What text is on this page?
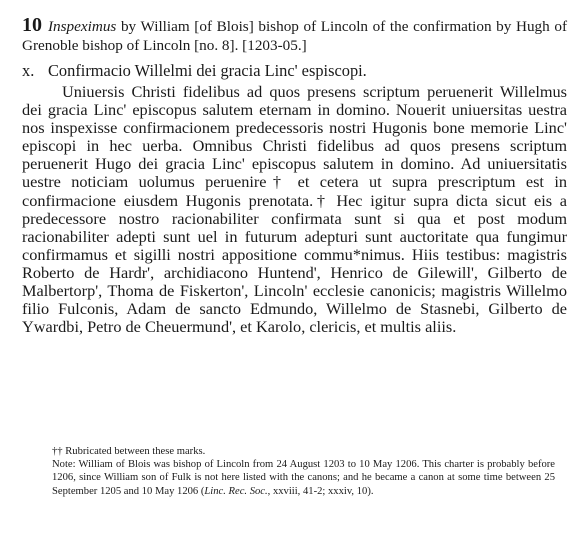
10 Inspeximus by William [of Blois] bishop of Lincoln of the confirmation by Hugh of Grenoble bishop of Lincoln [no. 8]. [1203-05.]

x. Confirmacio Willelmi dei gracia Linc' espiscopi.

Uniuersis Christi fidelibus ad quos presens scriptum peruenerit Willelmus dei gracia Linc' episcopus salutem eternam in domino. Nouerit uniuersitas uestra nos inspexisse confirmacionem predecessoris nostri Hugonis bone memorie Linc' episcopi in hec uerba. Omnibus Christi fidelibus ad quos presens scriptum peruenerit Hugo dei gracia Linc' episcopus salutem in domino. Ad uniuersitatis uestre noticiam uolumus peruenire† et cetera ut supra prescriptum est in confirmacione eiusdem Hugonis prenotata.† Hec igitur supra dicta sicut eis a predecessore nostro racionabiliter confirmata sunt si qua et post modum racionabiliter adepti sunt uel in futurum adepturi sunt auctoritate qua fungimur confirmamus et sigilli nostri appositione commu*nimus. Hiis testibus: magistris Roberto de Hardr', archidiacono Huntend', Henrico de Gilewill', Gilberto de Malbertorp', Thoma de Fiskerton', Lincoln' ecclesie canonicis; magistris Willelmo filio Fulconis, Adam de sancto Edmundo, Willelmo de Stasnebi, Gilberto de Ywardbi, Petro de Cheuermund', et Karolo, clericis, et multis aliis.

†† Rubricated between these marks.

Note: William of Blois was bishop of Lincoln from 24 August 1203 to 10 May 1206. This charter is probably before 1206, since William son of Fulk is not here listed with the canons; and he became a canon at some time between 25 September 1205 and 10 May 1206 (Linc. Rec. Soc., xxviii, 41-2; xxxiv, 10).
